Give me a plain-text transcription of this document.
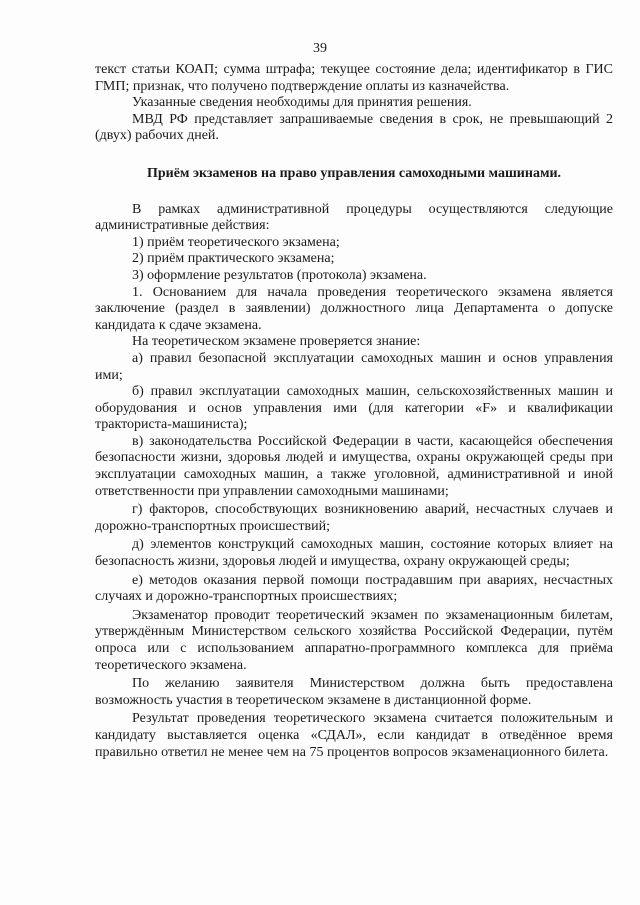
39

текст статьи КОАП; сумма штрафа; текущее состояние дела; идентификатор в ГИС ГМП; признак, что получено подтверждение оплаты из казначейства.

Указанные сведения необходимы для принятия решения.

МВД РФ представляет запрашиваемые сведения в срок, не превышающий 2 (двух) рабочих дней.

Приём экзаменов на право управления самоходными машинами.

В рамках административной процедуры осуществляются следующие административные действия:

1) приём теоретического экзамена;

2) приём практического экзамена;

3) оформление результатов (протокола) экзамена.

1. Основанием для начала проведения теоретического экзамена является заключение (раздел в заявлении) должностного лица Департамента о допуске кандидата к сдаче экзамена.

На теоретическом экзамене проверяется знание:

а) правил безопасной эксплуатации самоходных машин и основ управления ими;

б) правил эксплуатации самоходных машин, сельскохозяйственных машин и оборудования и основ управления ими (для категории «F» и квалификации тракториста-машиниста);

в) законодательства Российской Федерации в части, касающейся обеспечения безопасности жизни, здоровья людей и имущества, охраны окружающей среды при эксплуатации самоходных машин, а также уголовной, административной и иной ответственности при управлении самоходными машинами;

г) факторов, способствующих возникновению аварий, несчастных случаев и дорожно-транспортных происшествий;

д) элементов конструкций самоходных машин, состояние которых влияет на безопасность жизни, здоровья людей и имущества, охрану окружающей среды;

е) методов оказания первой помощи пострадавшим при авариях, несчастных случаях и дорожно-транспортных происшествиях;

Экзаменатор проводит теоретический экзамен по экзаменационным билетам, утверждённым Министерством сельского хозяйства Российской Федерации, путём опроса или с использованием аппаратно-программного комплекса для приёма теоретического экзамена.

По желанию заявителя Министерством должна быть предоставлена возможность участия в теоретическом экзамене в дистанционной форме.

Результат проведения теоретического экзамена считается положительным и кандидату выставляется оценка «СДАЛ», если кандидат в отведённое время правильно ответил не менее чем на 75 процентов вопросов экзаменационного билета.
